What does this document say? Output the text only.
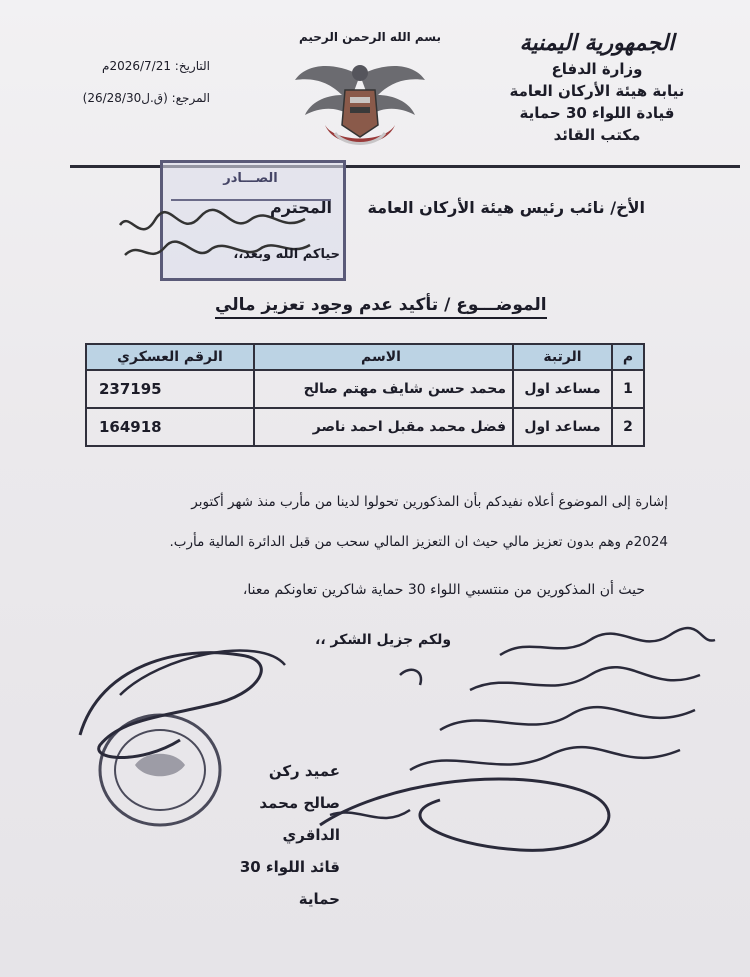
الجمهورية اليمنية
وزارة الدفاع
نيابة هيئة الأركان العامة
قيادة اللواء 30 حماية
مكتب القائد
بسم الله الرحمن الرحيم
التاريخ: 2026/7/21م
المرجع: (ق.ل26/28/30)
الصـــادر
الأخ/ نائب رئيس هيئة الأركان العامة
المحترم
حياكم الله وبعد،،
الموضـــوع / تأكيد عدم وجود تعزيز مالي
م	الرتبة	الاسم	الرقم العسكري
1	مساعد اول	محمد حسن شايف مهتم صالح	237195
2	مساعد اول	فضل محمد مقبل احمد ناصر	164918
إشارة إلى الموضوع أعلاه نفيدكم بأن المذكورين تحولوا لدينا من مأرب منذ شهر أكتوبر
2024م وهم بدون تعزيز مالي حيث ان التعزيز المالي سحب من قبل الدائرة المالية مأرب.
حيث أن المذكورين من منتسبي اللواء 30 حماية شاكرين تعاونكم معنا،
ولكم جزيل الشكر ،،
عميد ركن
صالح محمد الداقري
قائد اللواء 30 حماية
